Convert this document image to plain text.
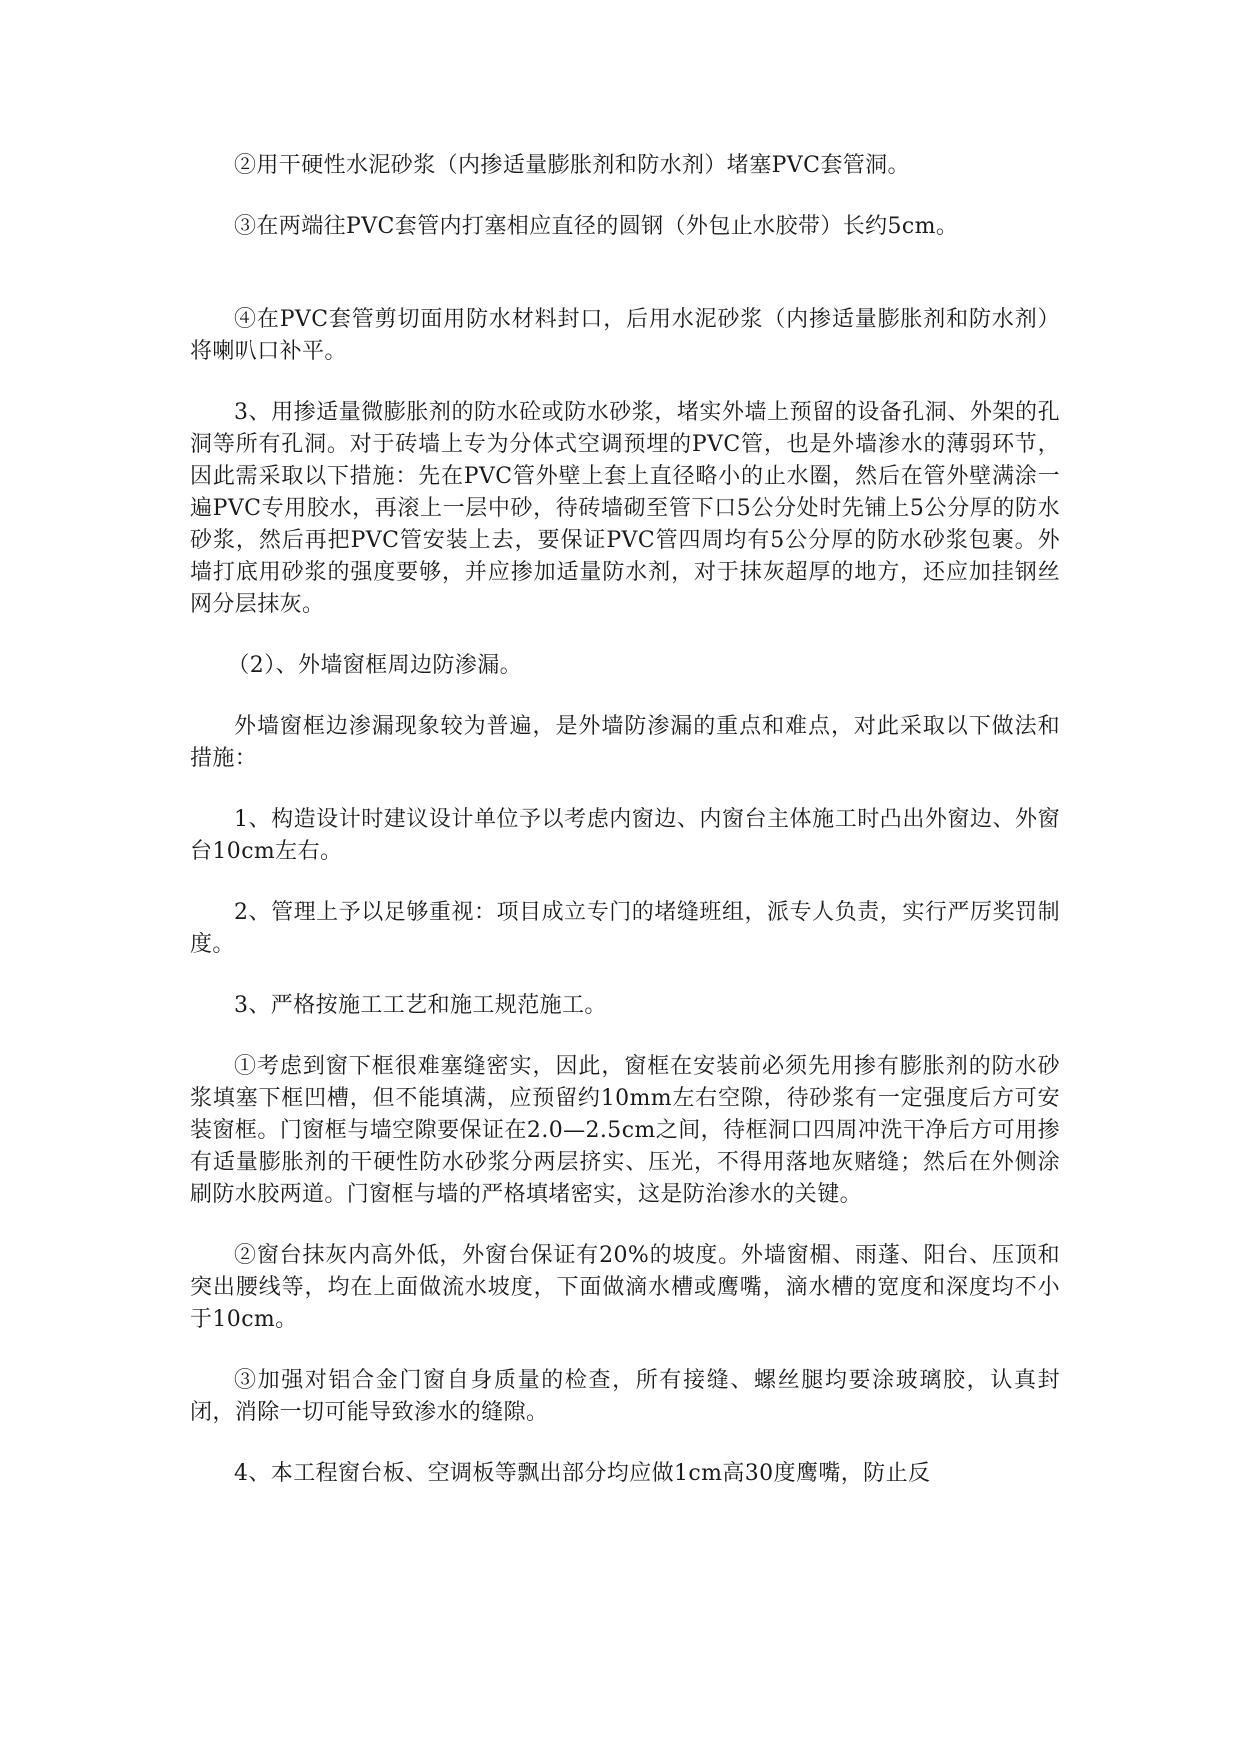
②用干硬性水泥砂浆（内掺适量膨胀剂和防水剂）堵塞PVC套管洞。

③在两端往PVC套管内打塞相应直径的圆钢（外包止水胶带）长约5cm。

④在PVC套管剪切面用防水材料封口，后用水泥砂浆（内掺适量膨胀剂和防水剂）将喇叭口补平。

3、用掺适量微膨胀剂的防水砼或防水砂浆，堵实外墙上预留的设备孔洞、外架的孔洞等所有孔洞。对于砖墙上专为分体式空调预埋的PVC管，也是外墙渗水的薄弱环节，因此需采取以下措施：先在PVC管外壁上套上直径略小的止水圈，然后在管外壁满涂一遍PVC专用胶水，再滚上一层中砂，待砖墙砌至管下口5公分处时先铺上5公分厚的防水砂浆，然后再把PVC管安装上去，要保证PVC管四周均有5公分厚的防水砂浆包裹。外墙打底用砂浆的强度要够，并应掺加适量防水剂，对于抹灰超厚的地方，还应加挂钢丝网分层抹灰。

（2）、外墙窗框周边防渗漏。

外墙窗框边渗漏现象较为普遍，是外墙防渗漏的重点和难点，对此采取以下做法和措施：

1、构造设计时建议设计单位予以考虑内窗边、内窗台主体施工时凸出外窗边、外窗台10cm左右。

2、管理上予以足够重视：项目成立专门的堵缝班组，派专人负责，实行严厉奖罚制度。

3、严格按施工工艺和施工规范施工。

①考虑到窗下框很难塞缝密实，因此，窗框在安装前必须先用掺有膨胀剂的防水砂浆填塞下框凹槽，但不能填满，应预留约10mm左右空隙，待砂浆有一定强度后方可安装窗框。门窗框与墙空隙要保证在2.0—2.5cm之间，待框洞口四周冲洗干净后方可用掺有适量膨胀剂的干硬性防水砂浆分两层挤实、压光，不得用落地灰赌缝；然后在外侧涂刷防水胶两道。门窗框与墙的严格填堵密实，这是防治渗水的关键。

②窗台抹灰内高外低，外窗台保证有20%的坡度。外墙窗楣、雨蓬、阳台、压顶和突出腰线等，均在上面做流水坡度，下面做滴水槽或鹰嘴，滴水槽的宽度和深度均不小于10cm。

③加强对铝合金门窗自身质量的检查，所有接缝、螺丝腿均要涂玻璃胶，认真封闭，消除一切可能导致渗水的缝隙。

4、本工程窗台板、空调板等飘出部分均应做1cm高30度鹰嘴，防止反
